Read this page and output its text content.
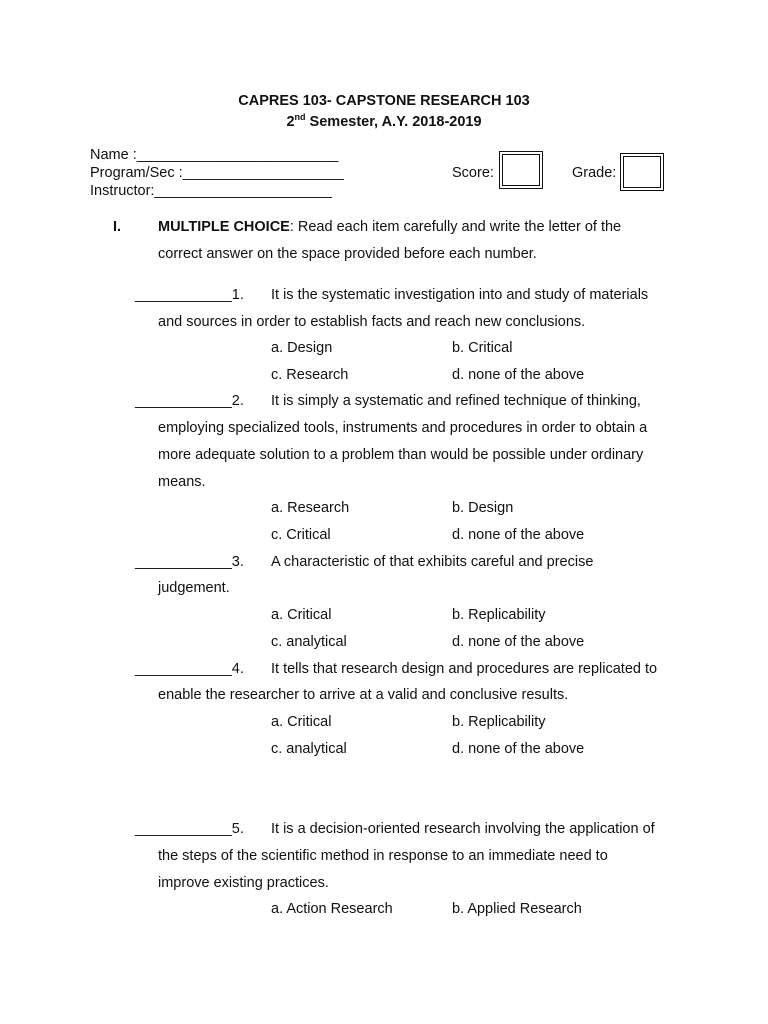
CAPRES 103- CAPSTONE RESEARCH 103
2nd Semester, A.Y. 2018-2019
Name :_________________________
Program/Sec :____________________
Instructor:______________________
Score:	Grade:
I.	MULTIPLE CHOICE: Read each item carefully and write the letter of the
correct answer on the space provided before each number.
____________1. It is the systematic investigation into and study of materials
and sources in order to establish facts and reach new conclusions.
a. Design	b. Critical
c. Research	d. none of the above
____________2. It is simply a systematic and refined technique of thinking,
employing specialized tools, instruments and procedures in order to obtain a
more adequate solution to a problem than would be possible under ordinary
means.
a. Research	b. Design
c. Critical	d. none of the above
____________3. A characteristic of that exhibits careful and precise
judgement.
a. Critical	b. Replicability
c. analytical	d. none of the above
____________4. It tells that research design and procedures are replicated to
enable the researcher to arrive at a valid and conclusive results.
a. Critical	b. Replicability
c. analytical	d. none of the above
____________5. It is a decision-oriented research involving the application of
the steps of the scientific method in response to an immediate need to
improve existing practices.
a. Action Research	b. Applied Research
